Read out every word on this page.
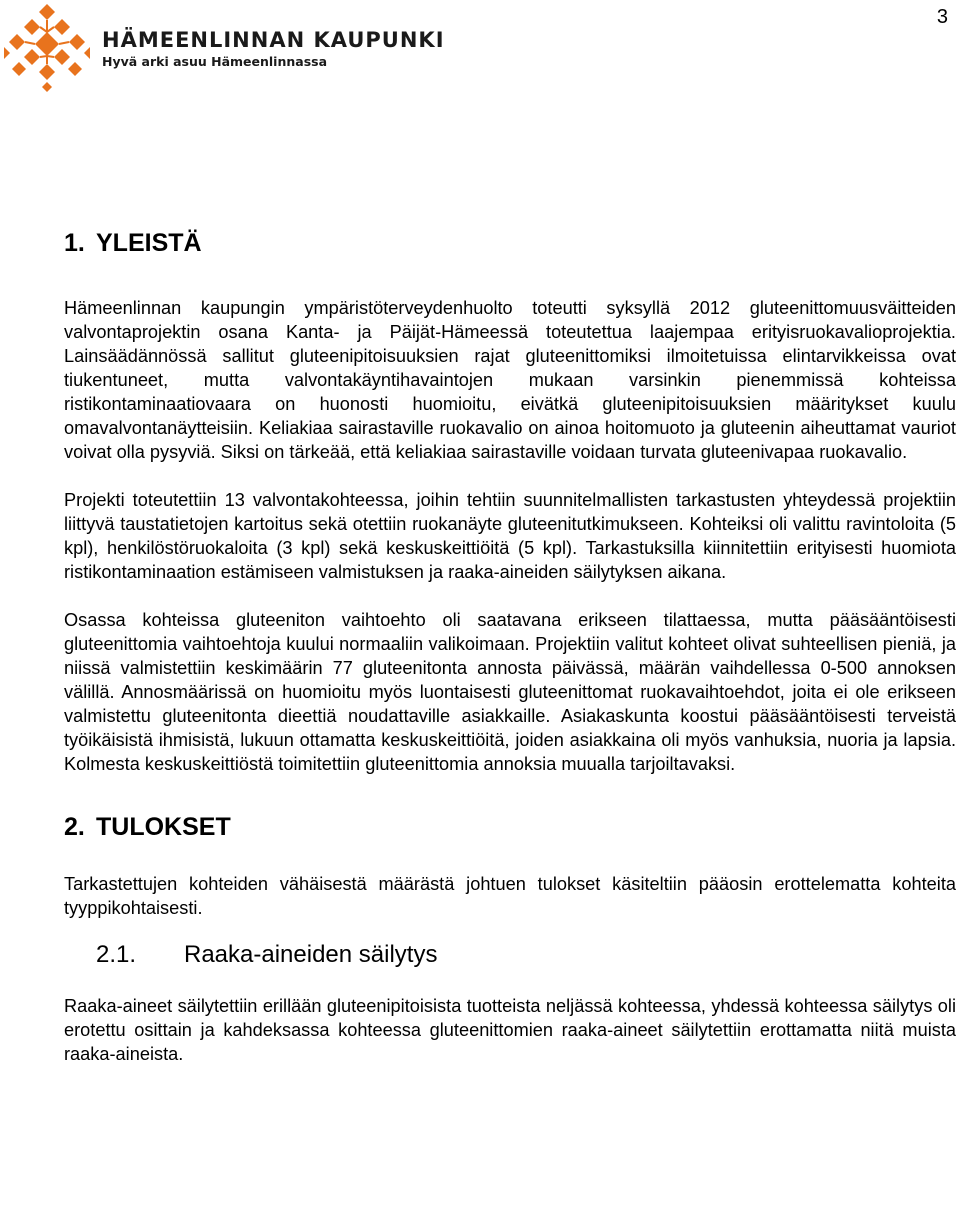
3
HÄMEENLINNAN KAUPUNKI
Hyvä arki asuu Hämeenlinnassa
1. YLEISTÄ

Hämeenlinnan kaupungin ympäristöterveydenhuolto toteutti syksyllä 2012 gluteenittomuusväitteiden valvontaprojektin osana Kanta- ja Päijät-Hämeessä toteutettua laajempaa erityisruokavalioprojektia. Lainsäädännössä sallitut gluteenipitoisuuksien rajat gluteenittomiksi ilmoitetuissa elintarvikkeissa ovat tiukentuneet, mutta valvontakäyntihavaintojen mukaan varsinkin pienemmissä kohteissa ristikontaminaatiovaara on huonosti huomioitu, eivätkä gluteenipitoisuuksien määritykset kuulu omavalvontanäytteisiin. Keliakiaa sairastaville ruokavalio on ainoa hoitomuoto ja gluteenin aiheuttamat vauriot voivat olla pysyviä. Siksi on tärkeää, että keliakiaa sairastaville voidaan turvata gluteenivapaa ruokavalio.

Projekti toteutettiin 13 valvontakohteessa, joihin tehtiin suunnitelmallisten tarkastusten yhteydessä projektiin liittyvä taustatietojen kartoitus sekä otettiin ruokanäyte gluteenitutkimukseen. Kohteiksi oli valittu ravintoloita (5 kpl), henkilöstöruokaloita (3 kpl) sekä keskuskeittiöitä (5 kpl). Tarkastuksilla kiinnitettiin erityisesti huomiota ristikontaminaation estämiseen valmistuksen ja raaka-aineiden säilytyksen aikana.

Osassa kohteissa gluteeniton vaihtoehto oli saatavana erikseen tilattaessa, mutta pääsääntöisesti gluteenittomia vaihtoehtoja kuului normaaliin valikoimaan. Projektiin valitut kohteet olivat suhteellisen pieniä, ja niissä valmistettiin keskimäärin 77 gluteenitonta annosta päivässä, määrän vaihdellessa 0-500 annoksen välillä. Annosmäärissä on huomioitu myös luontaisesti gluteenittomat ruokavaihtoehdot, joita ei ole erikseen valmistettu gluteenitonta dieettiä noudattaville asiakkaille. Asiakaskunta koostui pääsääntöisesti terveistä työikäisistä ihmisistä, lukuun ottamatta keskuskeittiöitä, joiden asiakkaina oli myös vanhuksia, nuoria ja lapsia. Kolmesta keskuskeittiöstä toimitettiin gluteenittomia annoksia muualla tarjoiltavaksi.

2. TULOKSET

Tarkastettujen kohteiden vähäisestä määrästä johtuen tulokset käsiteltiin pääosin erottelematta kohteita tyyppikohtaisesti.

2.1. Raaka-aineiden säilytys

Raaka-aineet säilytettiin erillään gluteenipitoisista tuotteista neljässä kohteessa, yhdessä kohteessa säilytys oli erotettu osittain ja kahdeksassa kohteessa gluteenittomien raaka-aineet säilytettiin erottamatta niitä muista raaka-aineista.
